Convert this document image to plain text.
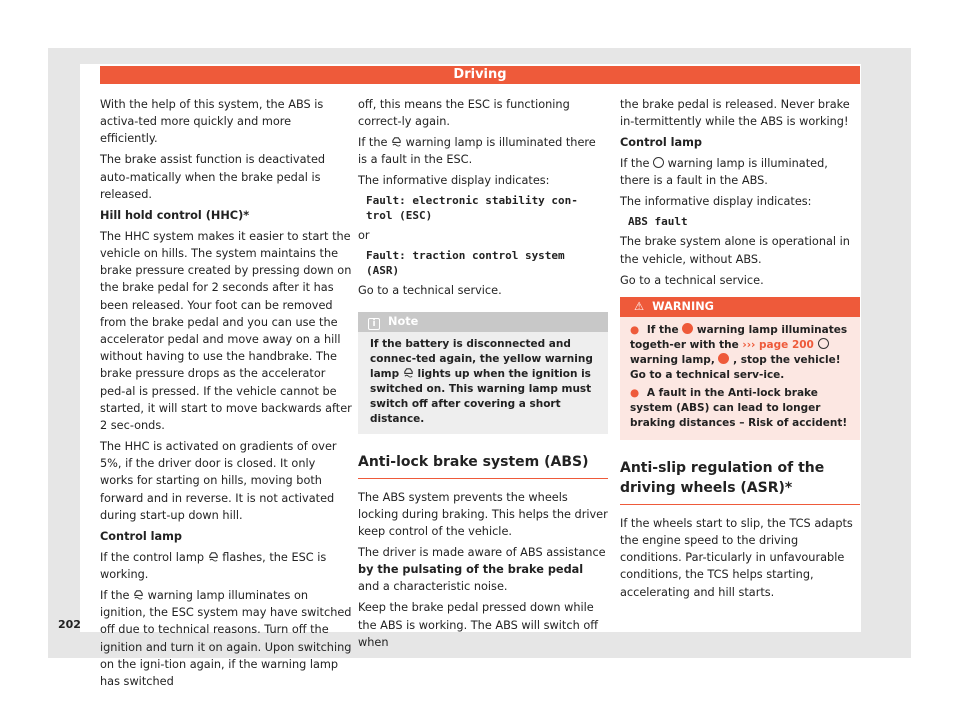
Driving

With the help of this system, the ABS is activa-ted more quickly and more efficiently.

The brake assist function is deactivated auto-matically when the brake pedal is released.

Hill hold control (HHC)*

The HHC system makes it easier to start the vehicle on hills. The system maintains the brake pressure created by pressing down on the brake pedal for 2 seconds after it has been released. Your foot can be removed from the brake pedal and you can use the accelerator pedal and move away on a hill without having to use the handbrake. The brake pressure drops as the accelerator ped-al is pressed. If the vehicle cannot be started, it will start to move backwards after 2 sec-onds.

The HHC is activated on gradients of over 5%, if the driver door is closed. It only works for starting on hills, moving both forward and in reverse. It is not activated during start-up down hill.

Control lamp

If the control lamp flashes, the ESC is working.

If the warning lamp illuminates on ignition, the ESC system may have switched off due to technical reasons. Turn off the ignition and turn it on again. Upon switching on the igni-tion again, if the warning lamp has switched

off, this means the ESC is functioning correct-ly again.

If the warning lamp is illuminated there is a fault in the ESC.

The informative display indicates:

Fault: electronic stability con-
trol (ESC)

or

Fault: traction control system
(ASR)

Go to a technical service.

i Note
If the battery is disconnected and connec-ted again, the yellow warning lamp lights up when the ignition is switched on. This warning lamp must switch off after covering a short distance.
Anti-lock brake system (ABS)

The ABS system prevents the wheels locking during braking. This helps the driver keep control of the vehicle.

The driver is made aware of ABS assistance by the pulsating of the brake pedal and a characteristic noise.

Keep the brake pedal pressed down while the ABS is working. The ABS will switch off when

the brake pedal is released. Never brake in-termittently while the ABS is working!

Control lamp

If the warning lamp is illuminated, there is a fault in the ABS.

The informative display indicates:

ABS fault

The brake system alone is operational in the vehicle, without ABS.

Go to a technical service.

⚠ WARNING

● If the warning lamp illuminates togeth-er with the ››› page 200  warning lamp, , stop the vehicle! Go to a technical serv-ice.

● A fault in the Anti-lock brake system (ABS) can lead to longer braking distances – Risk of accident!

Anti-slip regulation of the driving wheels (ASR)*

If the wheels start to slip, the TCS adapts the engine speed to the driving conditions. Par-ticularly in unfavourable conditions, the TCS helps starting, accelerating and hill starts.

202
